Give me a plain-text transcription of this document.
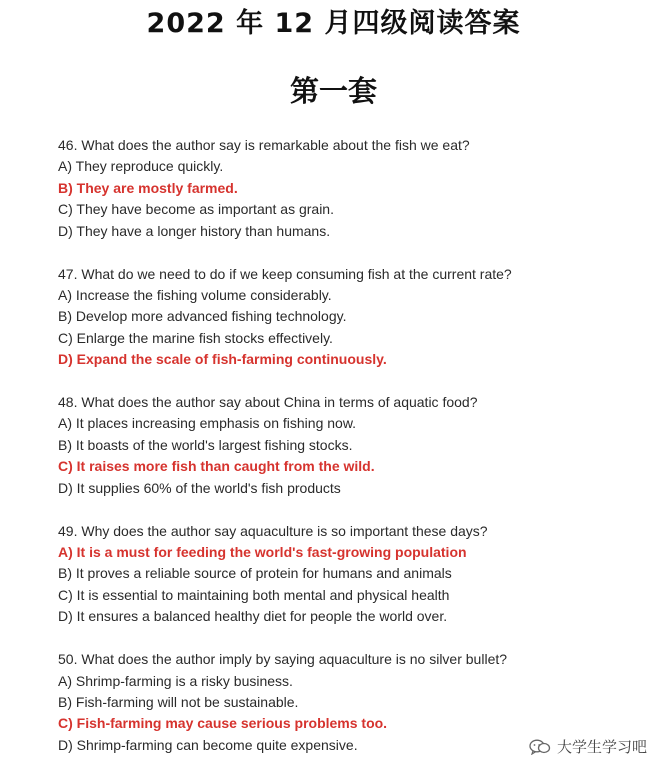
2022 年 12 月四级阅读答案
第一套
46. What does the author say is remarkable about the fish we eat?
A) They reproduce quickly.
B) They are mostly farmed.
C) They have become as important as grain.
D) They have a longer history than humans.
47. What do we need to do if we keep consuming fish at the current rate?
A) Increase the fishing volume considerably.
B) Develop more advanced fishing technology.
C) Enlarge the marine fish stocks effectively.
D) Expand the scale of fish-farming continuously.
48. What does the author say about China in terms of aquatic food?
A) It places increasing emphasis on fishing now.
B) It boasts of the world's largest fishing stocks.
C) It raises more fish than caught from the wild.
D) It supplies 60% of the world's fish products
49. Why does the author say aquaculture is so important these days?
A) It is a must for feeding the world's fast-growing population
B) It proves a reliable source of protein for humans and animals
C) It is essential to maintaining both mental and physical health
D) It ensures a balanced healthy diet for people the world over.
50. What does the author imply by saying aquaculture is no silver bullet?
A) Shrimp-farming is a risky business.
B) Fish-farming will not be sustainable.
C) Fish-farming may cause serious problems too.
D) Shrimp-farming can become quite expensive.	大学生学习吧
